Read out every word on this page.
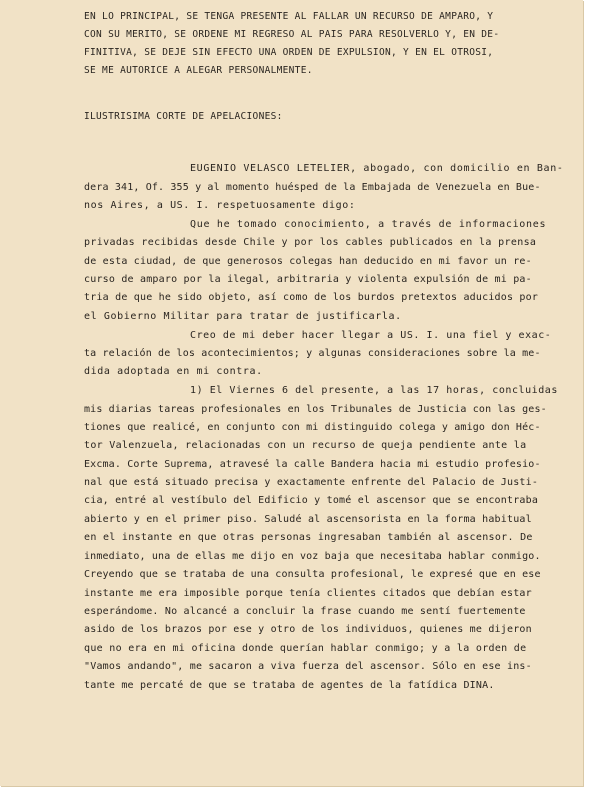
EN LO PRINCIPAL, SE TENGA PRESENTE AL FALLAR UN RECURSO DE AMPARO, Y

CON SU MERITO, SE ORDENE MI REGRESO AL PAIS PARA RESOLVERLO Y, EN DE-

FINITIVA, SE DEJE SIN EFECTO UNA ORDEN DE EXPULSION, Y EN EL OTROSI,

SE ME AUTORICE A ALEGAR PERSONALMENTE.

ILUSTRISIMA CORTE DE APELACIONES:

EUGENIO VELASCO LETELIER, abogado, con domicilio en Ban-

dera 341, Of. 355 y al momento huésped de la Embajada de Venezuela en Bue-

nos Aires, a US. I. respetuosamente digo:

Que he tomado conocimiento, a través de informaciones

privadas recibidas desde Chile y por los cables publicados en la prensa

de esta ciudad, de que generosos colegas han deducido en mi favor un re-

curso de amparo por la ilegal, arbitraria y violenta expulsión de mi pa-

tria de que he sido objeto, así como de los burdos pretextos aducidos por

el Gobierno Militar para tratar de justificarla.

Creo de mi deber hacer llegar a US. I. una fiel y exac-

ta relación de los acontecimientos; y algunas consideraciones sobre la me-

dida adoptada en mi contra.

1) El Viernes 6 del presente, a las 17 horas, concluidas

mis diarias tareas profesionales en los Tribunales de Justicia con las ges-

tiones que realicé, en conjunto con mi distinguido colega y amigo don Héc-

tor Valenzuela, relacionadas con un recurso de queja pendiente ante la

Excma. Corte Suprema, atravesé la calle Bandera hacia mi estudio profesio-

nal que está situado precisa y exactamente enfrente del Palacio de Justi-

cia, entré al vestíbulo del Edificio y tomé el ascensor que se encontraba

abierto y en el primer piso. Saludé al ascensorista en la forma habitual

en el instante en que otras personas ingresaban también al ascensor. De

inmediato, una de ellas me dijo en voz baja que necesitaba hablar conmigo.

Creyendo que se trataba de una consulta profesional, le expresé que en ese

instante me era imposible porque tenía clientes citados que debían estar

esperándome. No alcancé a concluir la frase cuando me sentí fuertemente

asido de los brazos por ese y otro de los individuos, quienes me dijeron

que no era en mi oficina donde querían hablar conmigo; y a la orden de

"Vamos andando", me sacaron a viva fuerza del ascensor. Sólo en ese ins-

tante me percaté de que se trataba de agentes de la fatídica DINA.
